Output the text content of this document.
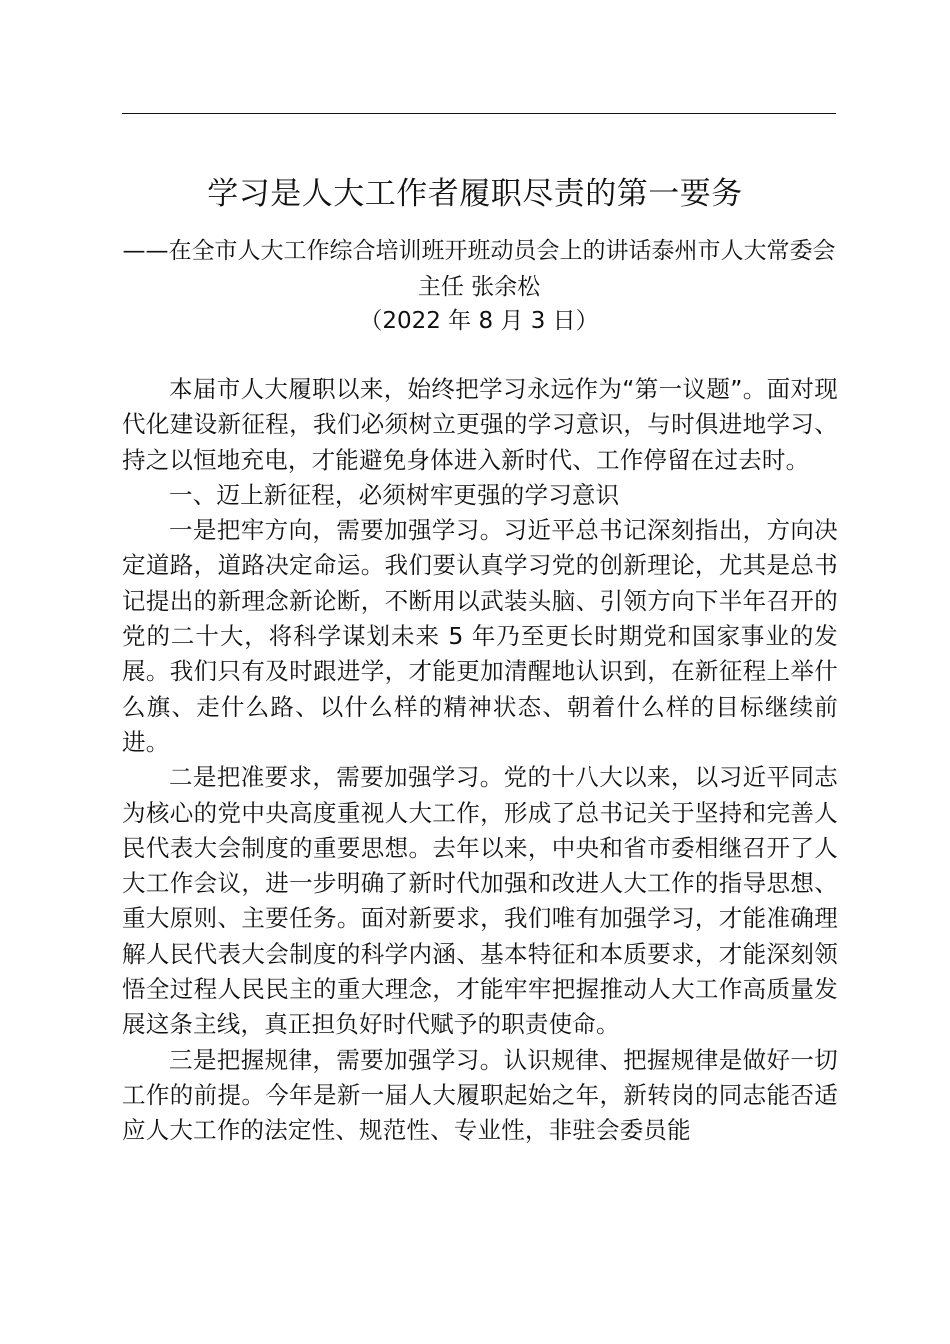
学习是人大工作者履职尽责的第一要务

——在全市人大工作综合培训班开班动员会上的讲话泰州市人大常委会主任 张余松

（2022 年 8 月 3 日）

本届市人大履职以来，始终把学习永远作为“第一议题”。面对现代化建设新征程，我们必须树立更强的学习意识，与时俱进地学习、持之以恒地充电，才能避免身体进入新时代、工作停留在过去时。

一、迈上新征程，必须树牢更强的学习意识

一是把牢方向，需要加强学习。习近平总书记深刻指出，方向决定道路，道路决定命运。我们要认真学习党的创新理论，尤其是总书记提出的新理念新论断，不断用以武装头脑、引领方向下半年召开的党的二十大，将科学谋划未来 5 年乃至更长时期党和国家事业的发展。我们只有及时跟进学，才能更加清醒地认识到，在新征程上举什么旗、走什么路、以什么样的精神状态、朝着什么样的目标继续前进。

二是把准要求，需要加强学习。党的十八大以来，以习近平同志为核心的党中央高度重视人大工作，形成了总书记关于坚持和完善人民代表大会制度的重要思想。去年以来，中央和省市委相继召开了人大工作会议，进一步明确了新时代加强和改进人大工作的指导思想、重大原则、主要任务。面对新要求，我们唯有加强学习，才能准确理解人民代表大会制度的科学内涵、基本特征和本质要求，才能深刻领悟全过程人民民主的重大理念，才能牢牢把握推动人大工作高质量发展这条主线，真正担负好时代赋予的职责使命。

三是把握规律，需要加强学习。认识规律、把握规律是做好一切工作的前提。今年是新一届人大履职起始之年，新转岗的同志能否适应人大工作的法定性、规范性、专业性，非驻会委员能
